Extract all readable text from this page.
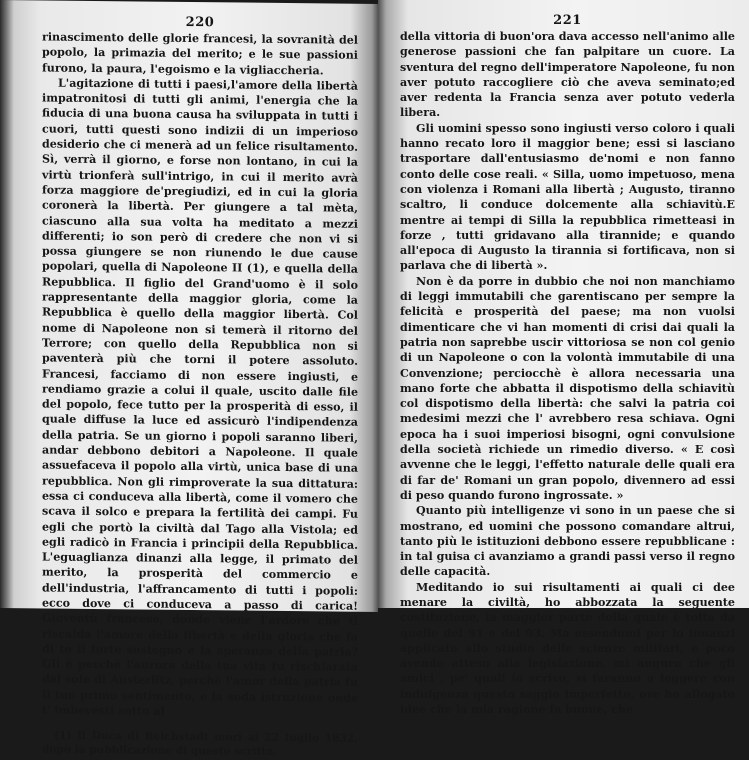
220

rinascimento delle glorie francesi, la sovranità del popolo, la primazia del merito; e le sue passioni furono, la paura, l'egoismo e la vigliaccheria.

L'agitazione di tutti i paesi,l'amore della libertà impatronitosi di tutti gli animi, l'energia che la fiducia di una buona causa ha sviluppata in tutti i cuori, tutti questi sono indizii di un imperioso desiderio che ci menerà ad un felice risultamento. Sì, verrà il giorno, e forse non lontano, in cui la virtù trionferà sull'intrigo, in cui il merito avrà forza maggiore de'pregiudizi, ed in cui la gloria coronerà la libertà. Per giungere a tal mèta, ciascuno alla sua volta ha meditato a mezzi differenti; io son però di credere che non vi si possa giungere se non riunendo le due cause popolari, quella di Napoleone II (1), e quella della Repubblica. Il figlio del Grand'uomo è il solo rappresentante della maggior gloria, come la Repubblica è quello della maggior libertà. Col nome di Napoleone non si temerà il ritorno del Terrore; con quello della Repubblica non si paventerà più che torni il potere assoluto. Francesi, facciamo di non essere ingiusti, e rendiamo grazie a colui il quale, uscito dalle file del popolo, fece tutto per la prosperità di esso, il quale diffuse la luce ed assicurò l'indipendenza della patria. Se un giorno i popoli saranno liberi, andar debbono debitori a Napoleone. Il quale assuefaceva il popolo alla virtù, unica base di una repubblica. Non gli rimproverate la sua dittatura: essa ci conduceva alla libertà, come il vomero che scava il solco e prepara la fertilità dei campi. Fu egli che portò la civiltà dal Tago alla Vistola; ed egli radicò in Francia i principii della Repubblica. L'eguaglianza dinanzi alla legge, il primato del merito, la prosperità del commercio e dell'industria, l'affrancamento di tutti i popoli: ecco dove ci conduceva a passo di carica! Gioventù francese, donde viene l'ardore che ti riscalda l'amore della libertà e della gloria che fa di te il forte sostegno e la speranza della patria? Gli è perchè l'aurora della tua vita fu rischiarata dal sole di Austerlitz, perchè l'amor della patria fu il tuo primo sentimento, e la soda istruzione onde t' imbevesti sotto al

(1) Il Duca di Reichstadt morì ai 22 luglio 1832, dopo la pubblicazione di questo scritto.

221

della vittoria di buon'ora dava accesso nell'animo alle generose passioni che fan palpitare un cuore. La sventura del regno dell'imperatore Napoleone, fu non aver potuto raccogliere ciò che aveva seminato;ed aver redenta la Francia senza aver potuto vederla libera.

Gli uomini spesso sono ingiusti verso coloro i quali hanno recato loro il maggior bene; essi si lasciano trasportare dall'entusiasmo de'nomi e non fanno conto delle cose reali. « Silla, uomo impetuoso, mena con violenza i Romani alla libertà ; Augusto, tiranno scaltro, li conduce dolcemente alla schiavitù.E mentre ai tempi di Silla la repubblica rimetteasi in forze , tutti gridavano alla tirannide; e quando all'epoca di Augusto la tirannia si fortificava, non si parlava che di libertà ».

Non è da porre in dubbio che noi non manchiamo di leggi immutabili che garentiscano per sempre la felicità e prosperità del paese; ma non vuolsi dimenticare che vi han momenti di crisi dai quali la patria non saprebbe uscir vittoriosa se non col genio di un Napoleone o con la volontà immutabile di una Convenzione; perciocchè è allora necessaria una mano forte che abbatta il dispotismo della schiavitù col dispotismo della libertà: che salvi la patria coi medesimi mezzi che l' avrebbero resa schiava. Ogni epoca ha i suoi imperiosi bisogni, ogni convulsione della società richiede un rimedio diverso. « E così avvenne che le leggi, l'effetto naturale delle quali era di far de' Romani un gran popolo, divennero ad essi di peso quando furono ingrossate. »

Quanto più intelligenze vi sono in un paese che si mostrano, ed uomini che possono comandare altrui, tanto più le istituzioni debbono essere repubblicane : in tal guisa ci avanziamo a grandi passi verso il regno delle capacità.

Meditando io sui risultamenti ai quali ci dee menare la civiltà, ho abbozzata la seguente costituzione, la maggior parte della quale è tolta da quelle del 91 e del 93. Ma essendomi per lo innanzi applicato allo studio delle scienze militari, e poco avendo atteso alla legislazione, mi auguro che gli amici , pe' quali io scrivo, si faranno a leggere con indulgenza questo saggio imperfetto, ove ho allogato idee che la mia ragione fa buone, che
